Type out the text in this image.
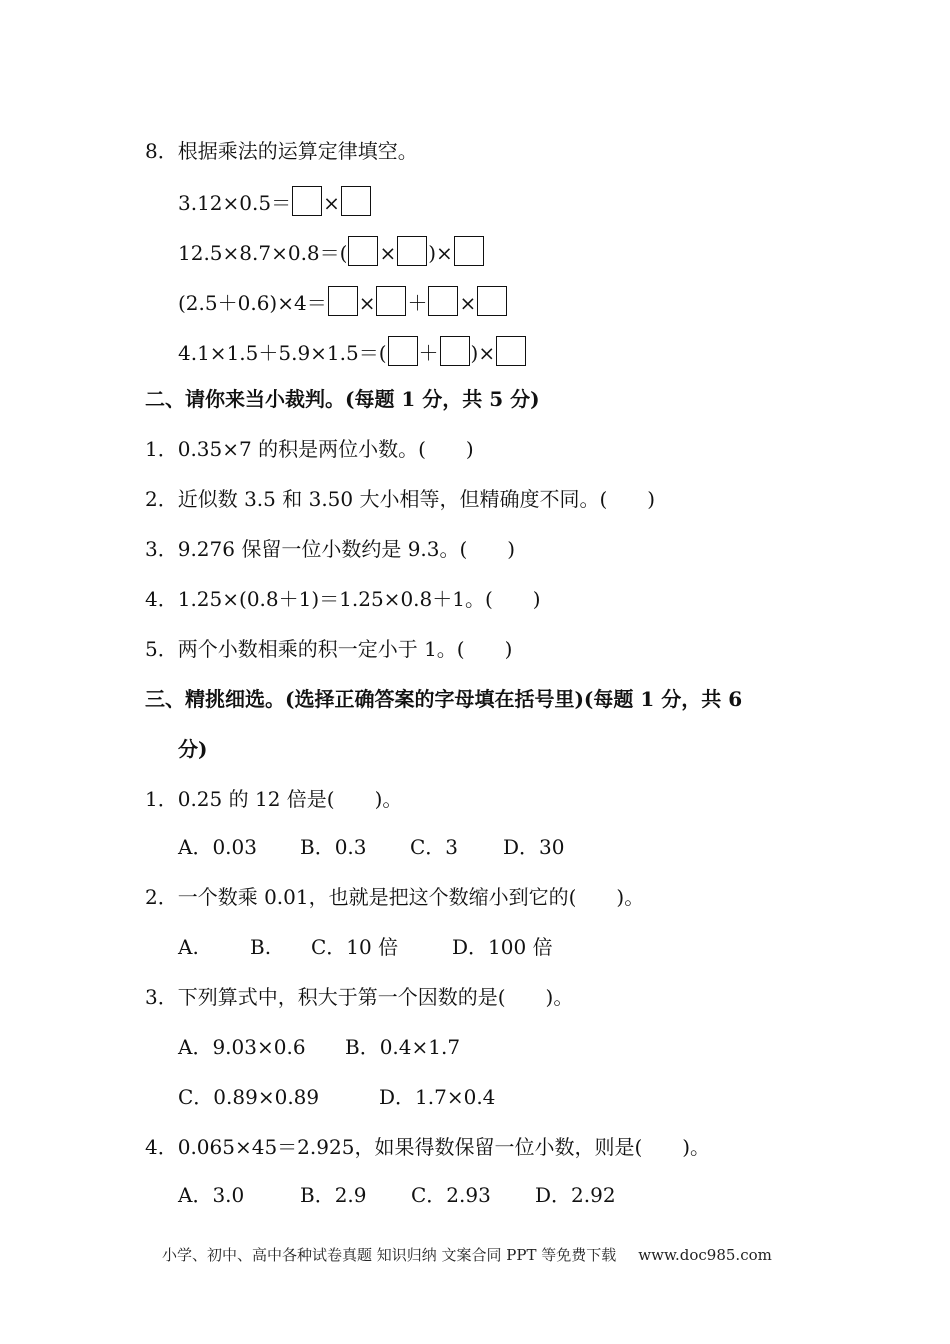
8．根据乘法的运算定律填空。
3.12×0.5＝ ×
12.5×8.7×0.8＝( × )×
(2.5＋0.6)×4＝ × ＋ ×
4.1×1.5＋5.9×1.5＝( ＋ )×
二、请你来当小裁判。(每题 1 分，共 5 分)
1．0.35×7 的积是两位小数。(　　)
2．近似数 3.5 和 3.50 大小相等，但精确度不同。(　　)
3．9.276 保留一位小数约是 9.3。(　　)
4．1.25×(0.8＋1)＝1.25×0.8＋1。(　　)
5．两个小数相乘的积一定小于 1。(　　)
三、精挑细选。(选择正确答案的字母填在括号里)(每题 1 分，共 6
分)
1．0.25 的 12 倍是(　　)。
A．0.03 B．0.3 C．3 D．30
2．一个数乘 0.01，也就是把这个数缩小到它的(　　)。
A.	B. C．10 倍	D．100 倍
3．下列算式中，积大于第一个因数的是(　　)。
A．9.03×0.6 B．0.4×1.7
C．0.89×0.89	D．1.7×0.4
4．0.065×45＝2.925，如果得数保留一位小数，则是(　　)。
A．3.0	B．2.9 C．2.93 D．2.92
小学、初中、高中各种试卷真题 知识归纳 文案合同 PPT 等免费下载 www.doc985.com
